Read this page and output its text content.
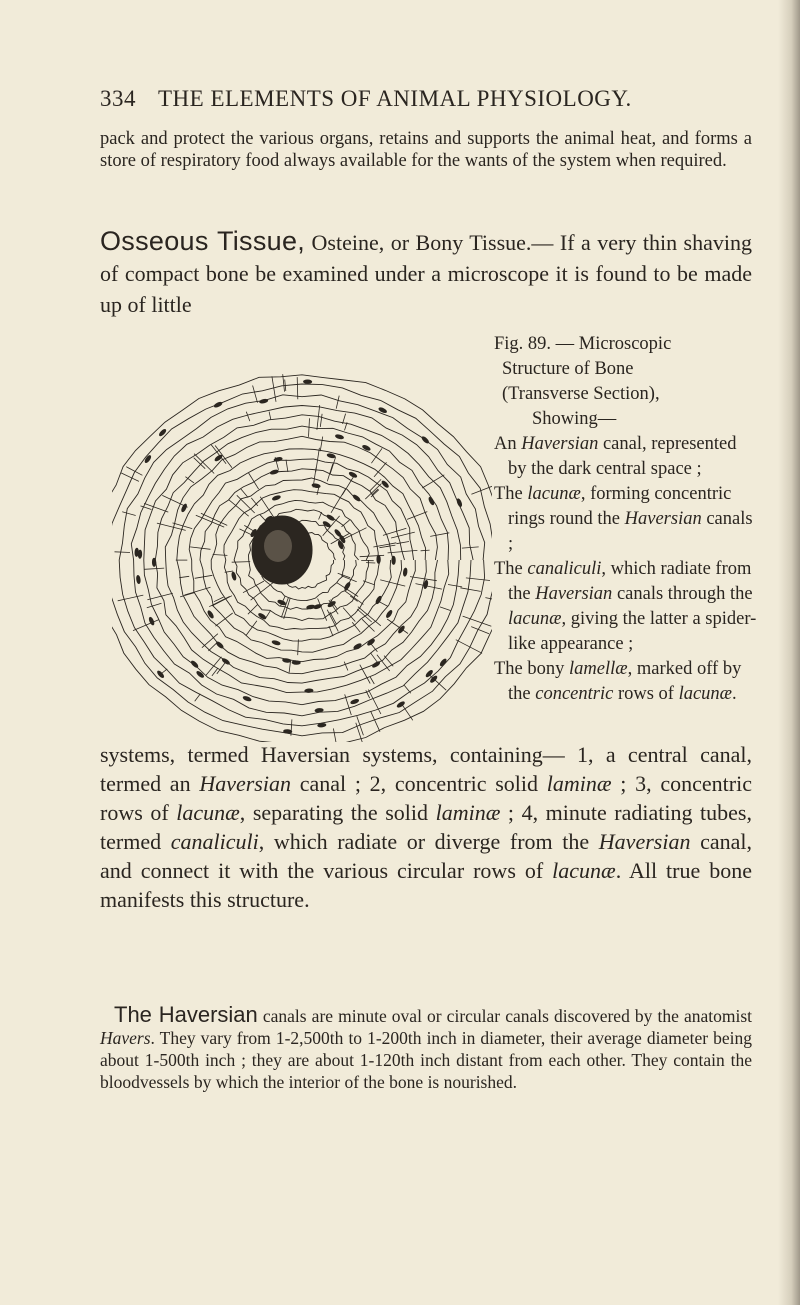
334 THE ELEMENTS OF ANIMAL PHYSIOLOGY.
pack and protect the various organs, retains and supports the animal heat, and forms a store of respiratory food always available for the wants of the system when required.
Osseous Tissue, Osteine, or Bony Tissue.— If a very thin shaving of compact bone be examined under a microscope it is found to be made up of little
Fig. 89. — Microscopic
Structure of Bone
(Transverse Section),
Showing—
An Haversian canal, represented by the dark central space ;
The lacunæ, forming concentric rings round the Haversian canals ;
The canaliculi, which radiate from the Haversian canals through the lacunæ, giving the latter a spider-like appearance ;
The bony lamellæ, marked off by the concentric rows of lacunæ.
systems, termed Haversian systems, containing— 1, a central canal, termed an Haversian canal ; 2, concentric solid laminæ ; 3, concentric rows of lacunæ, separating the solid laminæ ; 4, minute radiating tubes, termed canaliculi, which radiate or diverge from the Haversian canal, and connect it with the various circular rows of lacunæ. All true bone manifests this structure.
The Haversian canals are minute oval or circular canals discovered by the anatomist Havers. They vary from 1-2,500th to 1-200th inch in diameter, their average diameter being about 1-500th inch ; they are about 1-120th inch distant from each other. They contain the bloodvessels by which the interior of the bone is nourished.
